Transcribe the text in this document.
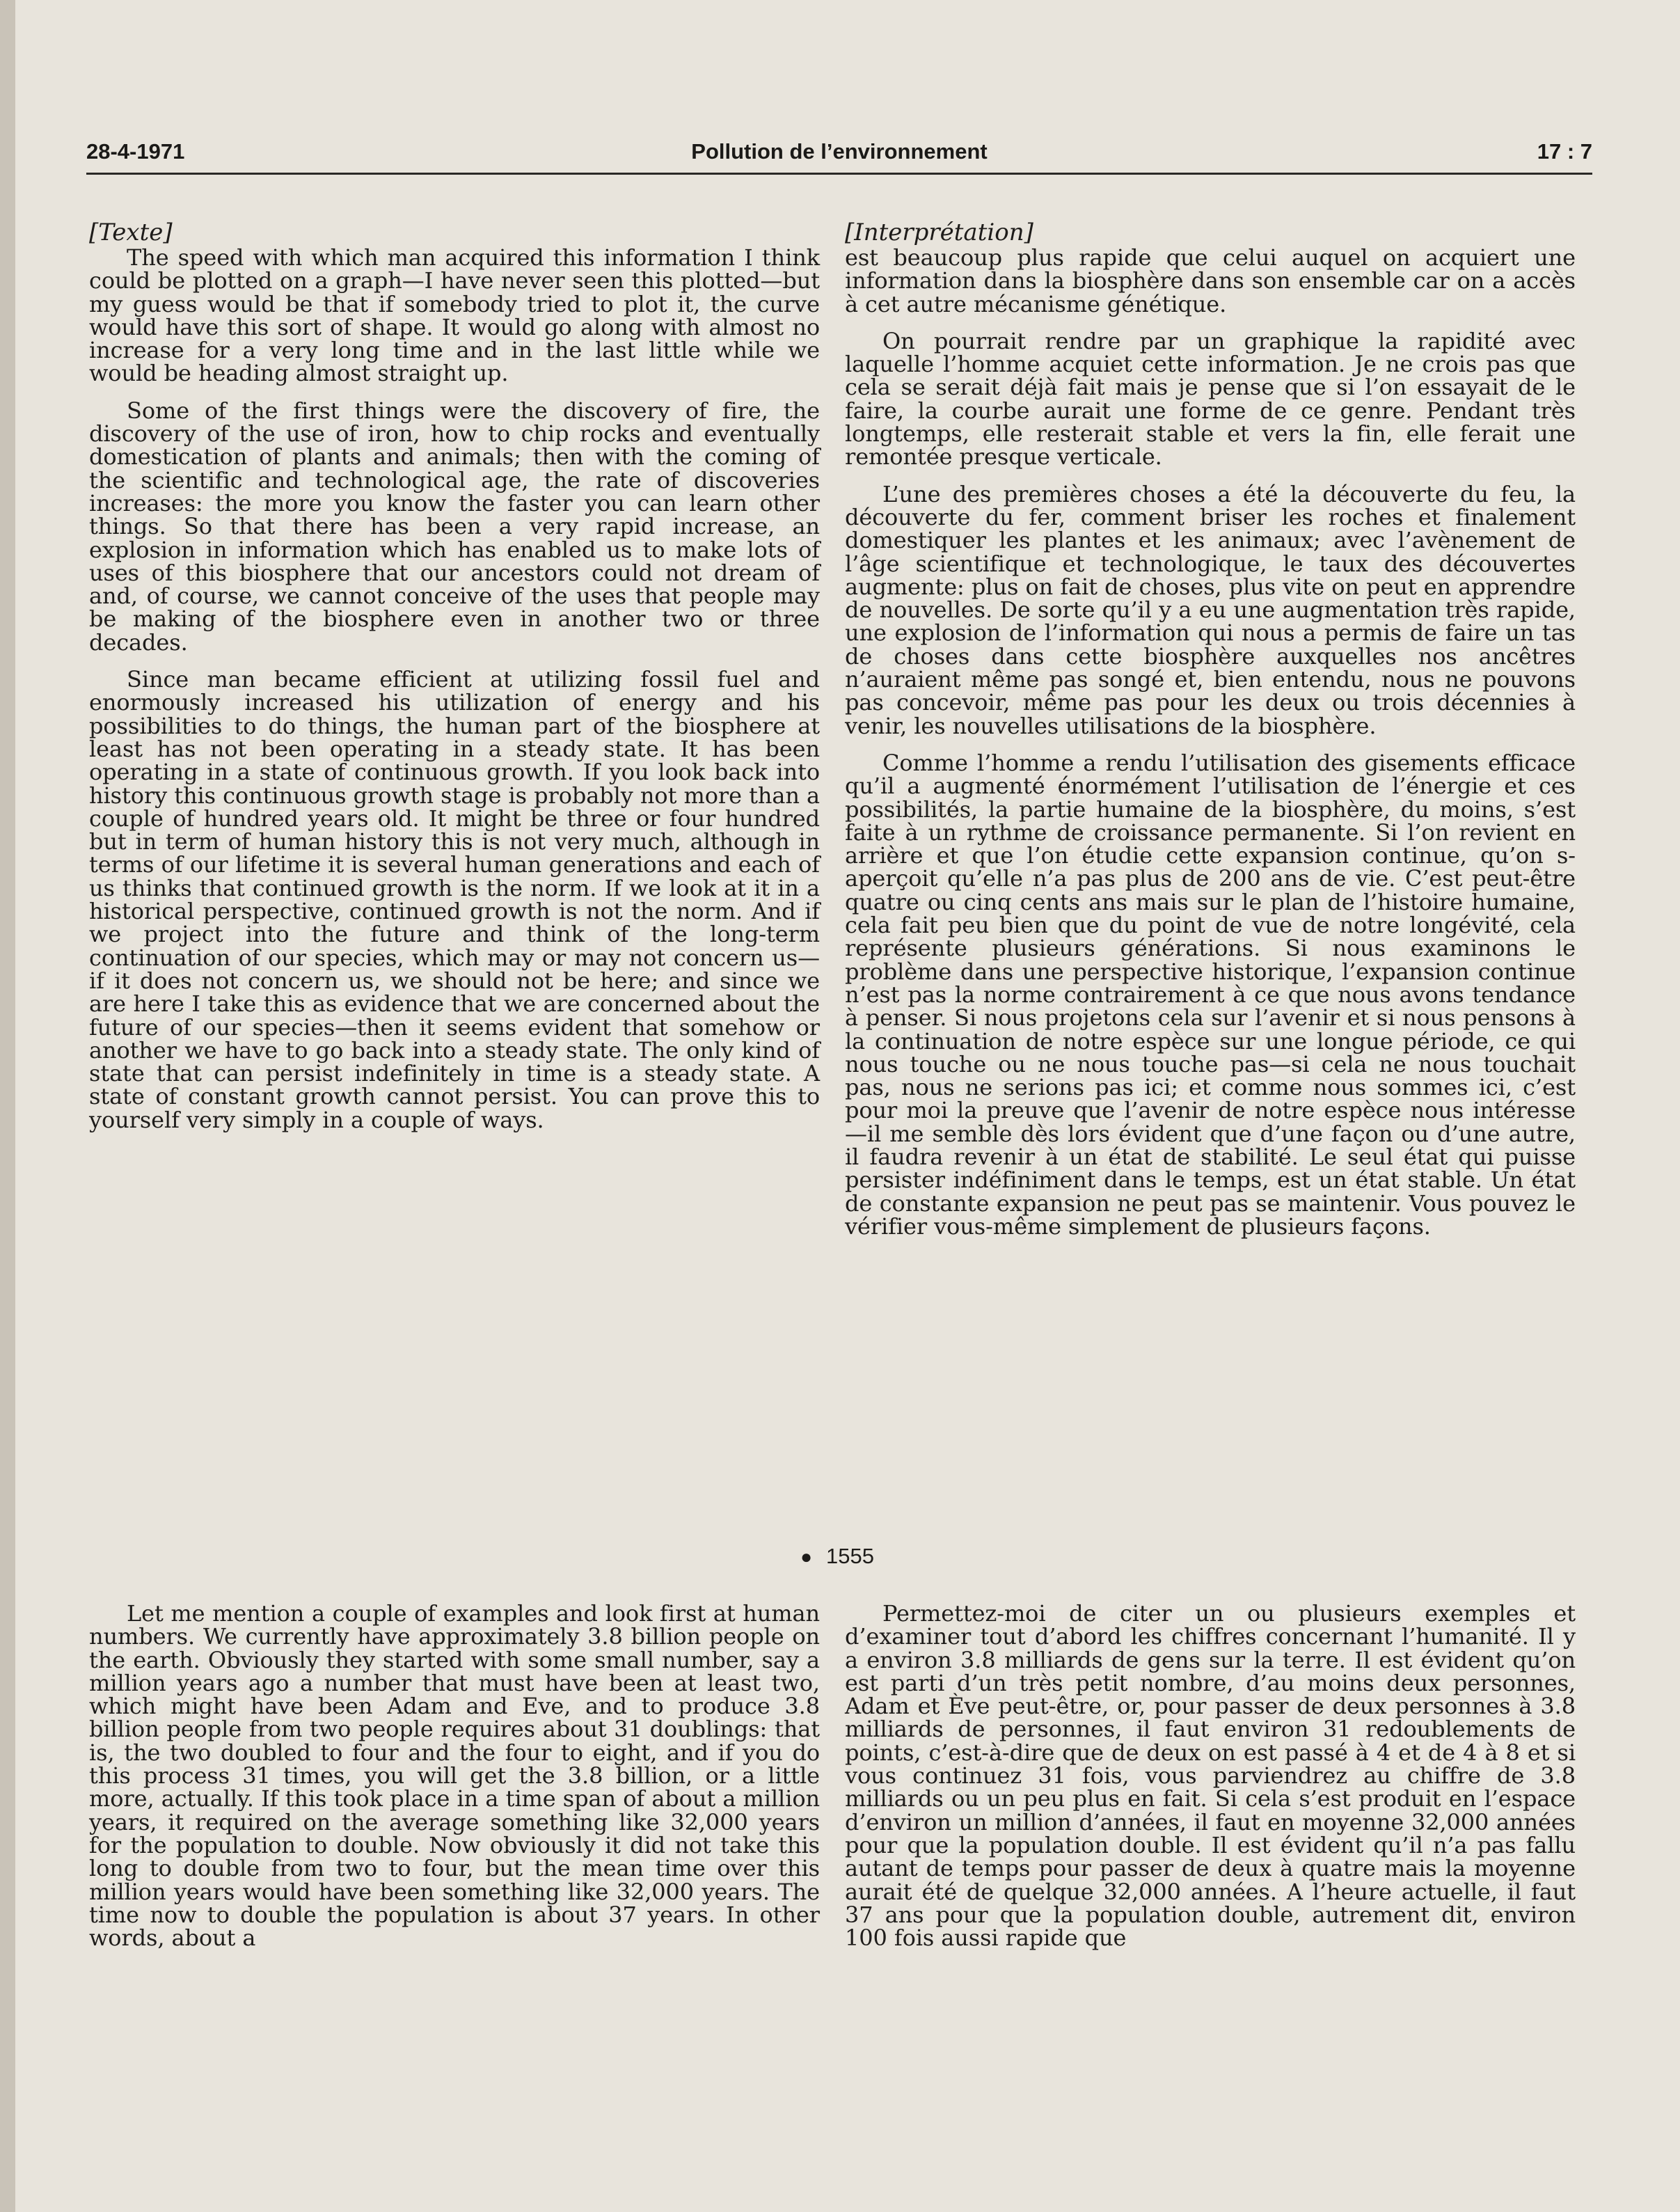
28-4-1971	Pollution de l’environnement	17 : 7

[Texte]

The speed with which man acquired this information I think could be plotted on a graph—I have never seen this plotted—but my guess would be that if somebody tried to plot it, the curve would have this sort of shape. It would go along with almost no increase for a very long time and in the last little while we would be heading almost straight up.

Some of the first things were the discovery of fire, the discovery of the use of iron, how to chip rocks and eventually domestication of plants and animals; then with the coming of the scientific and technological age, the rate of discoveries increases: the more you know the faster you can learn other things. So that there has been a very rapid increase, an explosion in information which has enabled us to make lots of uses of this biosphere that our ancestors could not dream of and, of course, we cannot conceive of the uses that people may be making of the biosphere even in another two or three decades.

Since man became efficient at utilizing fossil fuel and enormously increased his utilization of energy and his possibilities to do things, the human part of the biosphere at least has not been operating in a steady state. It has been operating in a state of continuous growth. If you look back into history this continuous growth stage is probably not more than a couple of hundred years old. It might be three or four hundred but in term of human history this is not very much, although in terms of our lifetime it is several human generations and each of us thinks that continued growth is the norm. If we look at it in a historical perspective, continued growth is not the norm. And if we project into the future and think of the long-term continuation of our species, which may or may not concern us—if it does not concern us, we should not be here; and since we are here I take this as evidence that we are concerned about the future of our species—then it seems evident that somehow or another we have to go back into a steady state. The only kind of state that can persist indefinitely in time is a steady state. A state of constant growth cannot persist. You can prove this to yourself very simply in a couple of ways.

[Interprétation]

est beaucoup plus rapide que celui auquel on acquiert une information dans la biosphère dans son ensemble car on a accès à cet autre mécanisme génétique.

On pourrait rendre par un graphique la rapidité avec laquelle l’homme acquiet cette information. Je ne crois pas que cela se serait déjà fait mais je pense que si l’on essayait de le faire, la courbe aurait une forme de ce genre. Pendant très longtemps, elle resterait stable et vers la fin, elle ferait une remontée presque verticale.

L’une des premières choses a été la découverte du feu, la découverte du fer, comment briser les roches et finalement domestiquer les plantes et les animaux; avec l’avènement de l’âge scientifique et technologique, le taux des découvertes augmente: plus on fait de choses, plus vite on peut en apprendre de nouvelles. De sorte qu’il y a eu une augmentation très rapide, une explosion de l’information qui nous a permis de faire un tas de choses dans cette biosphère auxquelles nos ancêtres n’auraient même pas songé et, bien entendu, nous ne pouvons pas concevoir, même pas pour les deux ou trois décennies à venir, les nouvelles utilisations de la biosphère.

Comme l’homme a rendu l’utilisation des gisements efficace qu’il a augmenté énormément l’utilisation de l’énergie et ces possibilités, la partie humaine de la biosphère, du moins, s’est faite à un rythme de croissance permanente. Si l’on revient en arrière et que l’on étudie cette expansion continue, qu’on s-aperçoit qu’elle n’a pas plus de 200 ans de vie. C’est peut-être quatre ou cinq cents ans mais sur le plan de l’histoire humaine, cela fait peu bien que du point de vue de notre longévité, cela représente plusieurs générations. Si nous examinons le problème dans une perspective historique, l’expansion continue n’est pas la norme contrairement à ce que nous avons tendance à penser. Si nous projetons cela sur l’avenir et si nous pensons à la continuation de notre espèce sur une longue période, ce qui nous touche ou ne nous touche pas—si cela ne nous touchait pas, nous ne serions pas ici; et comme nous sommes ici, c’est pour moi la preuve que l’avenir de notre espèce nous intéresse—il me semble dès lors évident que d’une façon ou d’une autre, il faudra revenir à un état de stabilité. Le seul état qui puisse persister indéfiniment dans le temps, est un état stable. Un état de constante expansion ne peut pas se maintenir. Vous pouvez le vérifier vous-même simplement de plusieurs façons.

● 1555

Let me mention a couple of examples and look first at human numbers. We currently have approximately 3.8 billion people on the earth. Obviously they started with some small number, say a million years ago a number that must have been at least two, which might have been Adam and Eve, and to produce 3.8 billion people from two people requires about 31 doublings: that is, the two doubled to four and the four to eight, and if you do this process 31 times, you will get the 3.8 billion, or a little more, actually. If this took place in a time span of about a million years, it required on the average something like 32,000 years for the population to double. Now obviously it did not take this long to double from two to four, but the mean time over this million years would have been something like 32,000 years. The time now to double the population is about 37 years. In other words, about a

Permettez-moi de citer un ou plusieurs exemples et d’examiner tout d’abord les chiffres concernant l’humanité. Il y a environ 3.8 milliards de gens sur la terre. Il est évident qu’on est parti d’un très petit nombre, d’au moins deux personnes, Adam et Ève peut-être, or, pour passer de deux personnes à 3.8 milliards de personnes, il faut environ 31 redoublements de points, c’est-à-dire que de deux on est passé à 4 et de 4 à 8 et si vous continuez 31 fois, vous parviendrez au chiffre de 3.8 milliards ou un peu plus en fait. Si cela s’est produit en l’espace d’environ un million d’années, il faut en moyenne 32,000 années pour que la population double. Il est évident qu’il n’a pas fallu autant de temps pour passer de deux à quatre mais la moyenne aurait été de quelque 32,000 années. A l’heure actuelle, il faut 37 ans pour que la population double, autrement dit, environ 100 fois aussi rapide que
